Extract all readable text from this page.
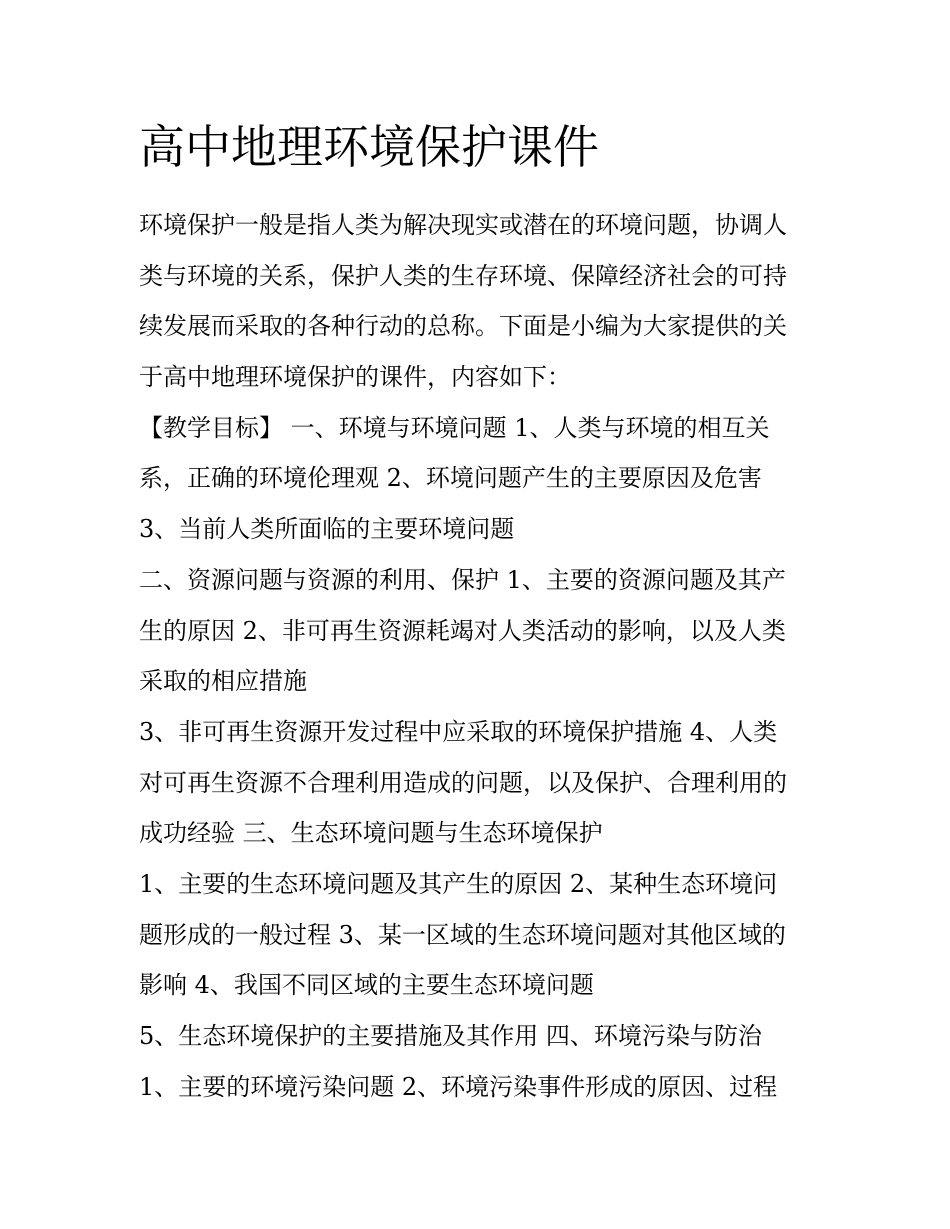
高中地理环境保护课件
环境保护一般是指人类为解决现实或潜在的环境问题，协调人
类与环境的关系，保护人类的生存环境、保障经济社会的可持
续发展而采取的各种行动的总称。下面是小编为大家提供的关
于高中地理环境保护的课件，内容如下：
【教学目标】 一、环境与环境问题 1、人类与环境的相互关
系，正确的环境伦理观 2、环境问题产生的主要原因及危害
3、当前人类所面临的主要环境问题
二、资源问题与资源的利用、保护 1、主要的资源问题及其产
生的原因 2、非可再生资源耗竭对人类活动的影响，以及人类
采取的相应措施
3、非可再生资源开发过程中应采取的环境保护措施 4、人类
对可再生资源不合理利用造成的问题，以及保护、合理利用的
成功经验 三、生态环境问题与生态环境保护
1、主要的生态环境问题及其产生的原因 2、某种生态环境问
题形成的一般过程 3、某一区域的生态环境问题对其他区域的
影响 4、我国不同区域的主要生态环境问题
5、生态环境保护的主要措施及其作用 四、环境污染与防治
1、主要的环境污染问题 2、环境污染事件形成的原因、过程
